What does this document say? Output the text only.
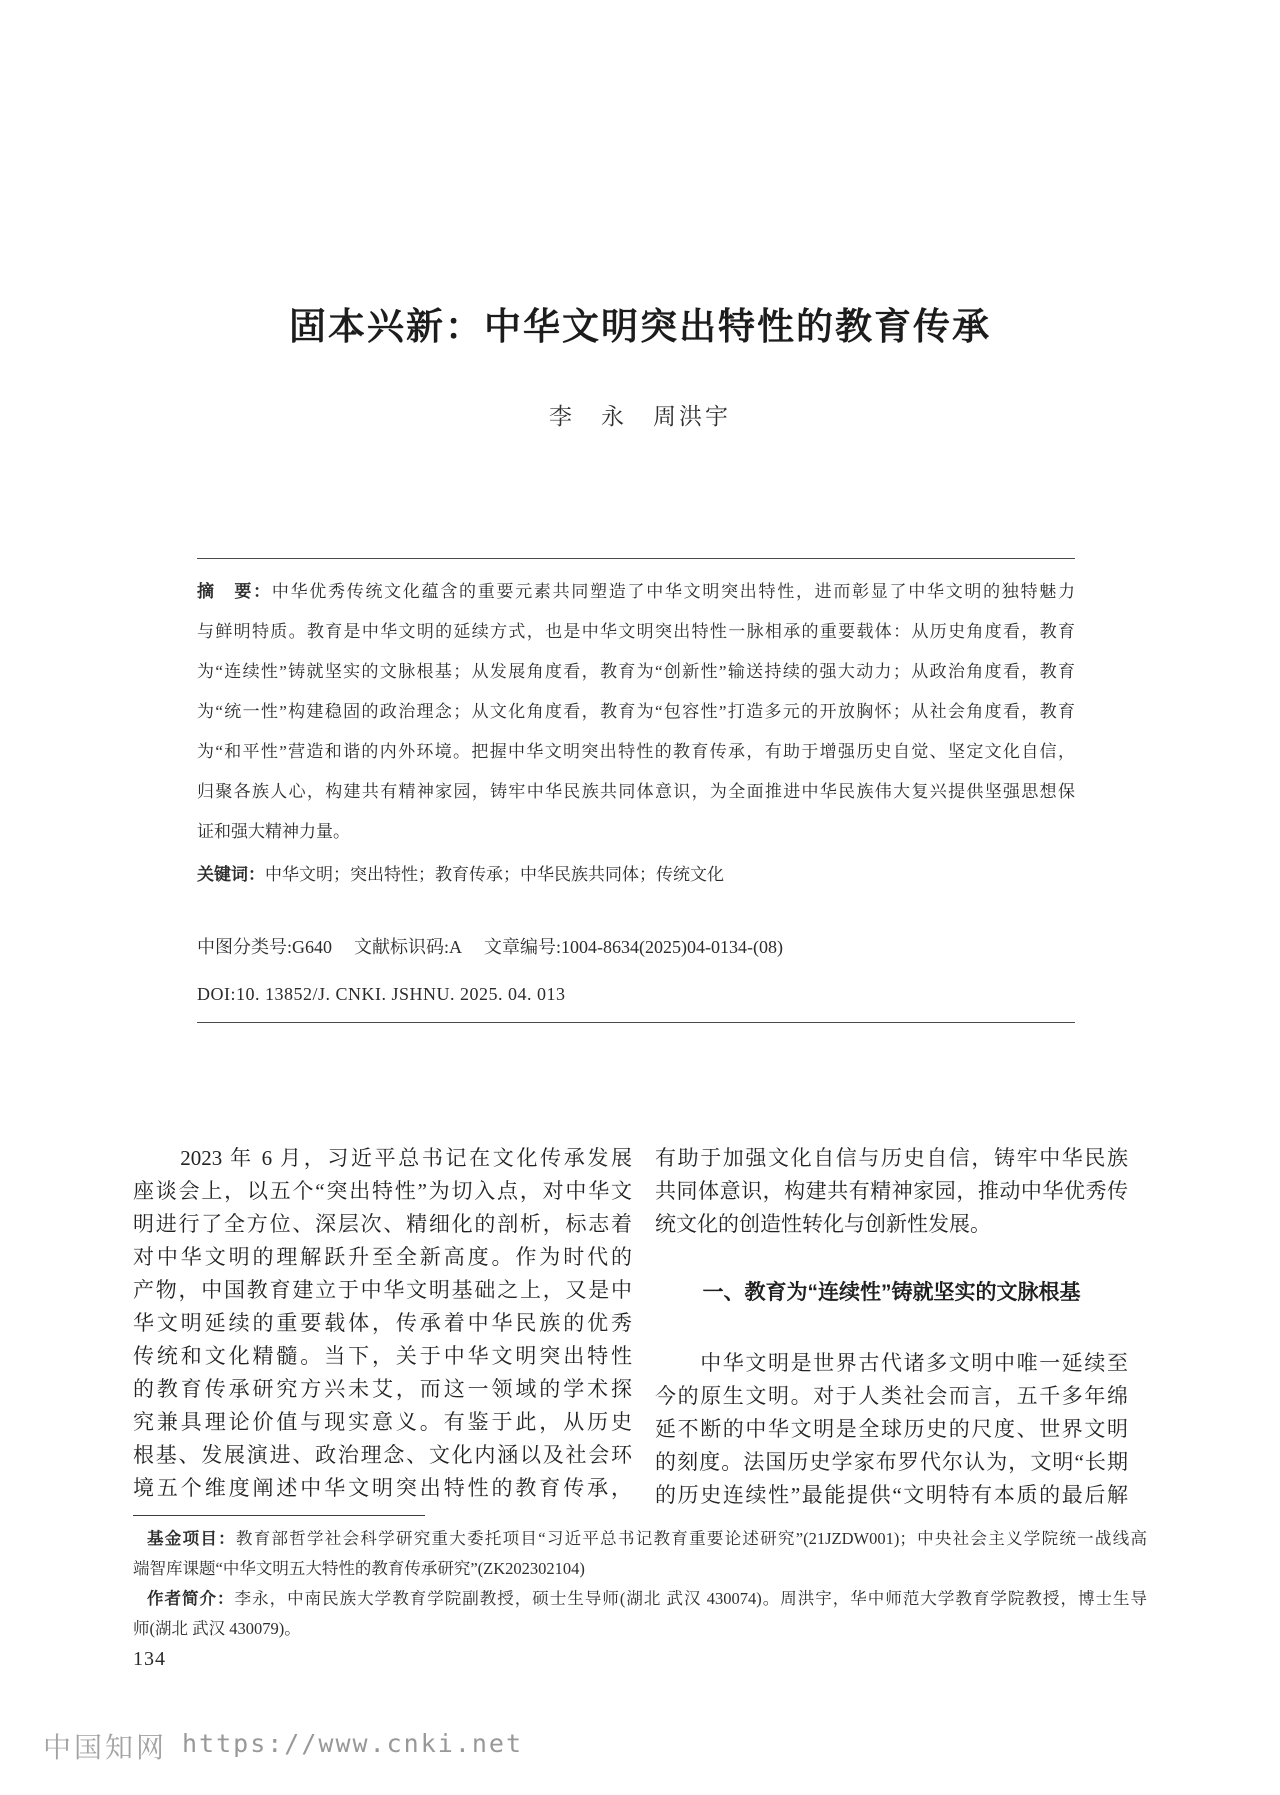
固本兴新：中华文明突出特性的教育传承
李　永　周洪宇
摘　要：中华优秀传统文化蕴含的重要元素共同塑造了中华文明突出特性，进而彰显了中华文明的独特魅力
与鲜明特质。教育是中华文明的延续方式，也是中华文明突出特性一脉相承的重要载体：从历史角度看，教育
为“连续性”铸就坚实的文脉根基；从发展角度看，教育为“创新性”输送持续的强大动力；从政治角度看，教育
为“统一性”构建稳固的政治理念；从文化角度看，教育为“包容性”打造多元的开放胸怀；从社会角度看，教育
为“和平性”营造和谐的内外环境。把握中华文明突出特性的教育传承，有助于增强历史自觉、坚定文化自信，
归聚各族人心，构建共有精神家园，铸牢中华民族共同体意识，为全面推进中华民族伟大复兴提供坚强思想保
证和强大精神力量。
关键词：中华文明；突出特性；教育传承；中华民族共同体；传统文化
中图分类号:G640 文献标识码:A 文章编号:1004-8634(2025)04-0134-(08)
DOI:10. 13852/J. CNKI. JSHNU. 2025. 04. 013
　　2023 年 6 月，习近平总书记在文化传承发展
座谈会上，以五个“突出特性”为切入点，对中华文
明进行了全方位、深层次、精细化的剖析，标志着
对中华文明的理解跃升至全新高度。作为时代的
产物，中国教育建立于中华文明基础之上，又是中
华文明延续的重要载体，传承着中华民族的优秀
传统和文化精髓。当下，关于中华文明突出特性
的教育传承研究方兴未艾，而这一领域的学术探
究兼具理论价值与现实意义。有鉴于此，从历史
根基、发展演进、政治理念、文化内涵以及社会环
境五个维度阐述中华文明突出特性的教育传承，
有助于加强文化自信与历史自信，铸牢中华民族
共同体意识，构建共有精神家园，推动中华优秀传
统文化的创造性转化与创新性发展。
一、教育为“连续性”铸就坚实的文脉根基
　　中华文明是世界古代诸多文明中唯一延续至
今的原生文明。对于人类社会而言，五千多年绵
延不断的中华文明是全球历史的尺度、世界文明
的刻度。法国历史学家布罗代尔认为，文明“长期
的历史连续性”最能提供“文明特有本质的最后解
基金项目：教育部哲学社会科学研究重大委托项目“习近平总书记教育重要论述研究”(21JZDW001)；中央社会主义学院统一战线高
端智库课题“中华文明五大特性的教育传承研究”(ZK202302104)
作者简介：李永，中南民族大学教育学院副教授，硕士生导师(湖北 武汉 430074)。周洪宇，华中师范大学教育学院教授，博士生导
师(湖北 武汉 430079)。
134
中国知网 https://www.cnki.net
